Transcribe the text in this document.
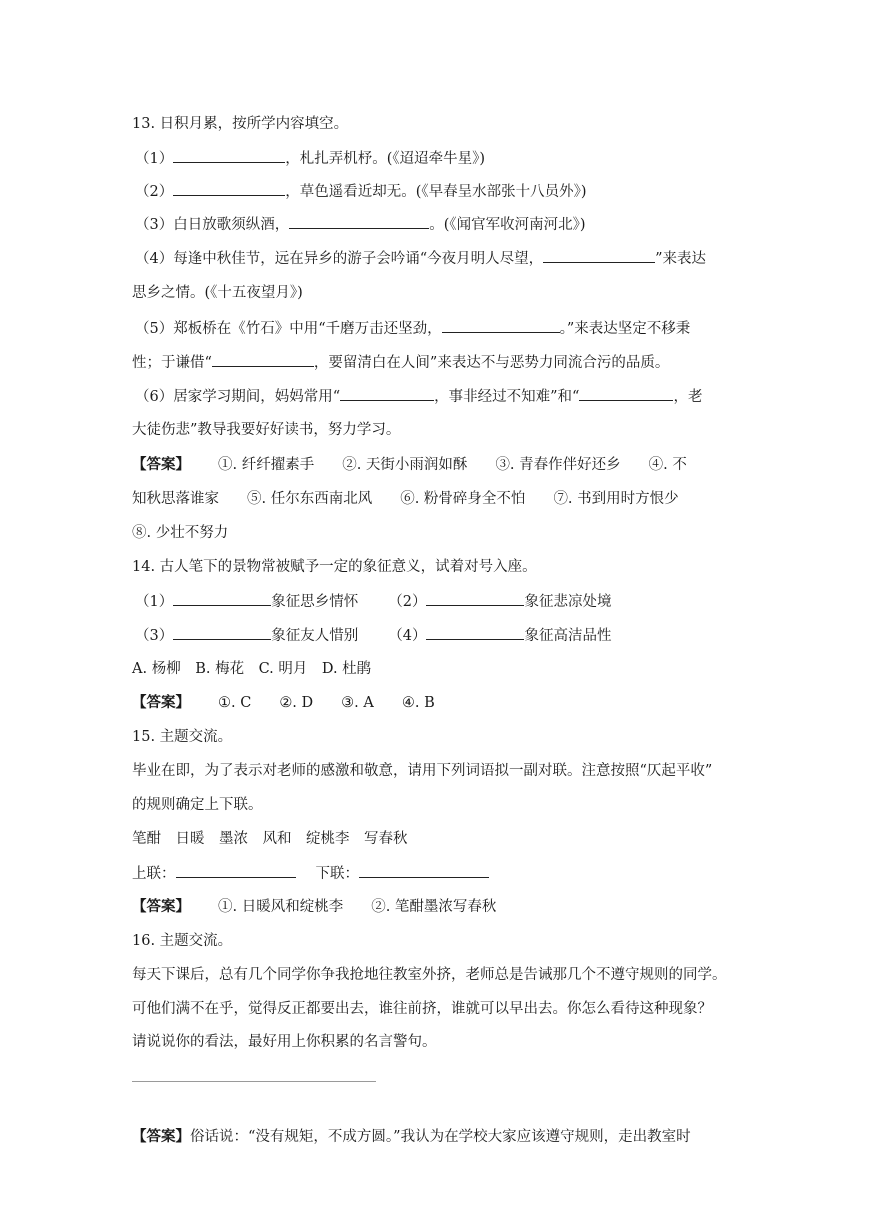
13. 日积月累，按所学内容填空。
（1）	，札扎弄机杼。(《迢迢牵牛星》)
（2）	，草色遥看近却无。(《早春呈水部张十八员外》)
（3）白日放歌须纵酒，	。(《闻官军收河南河北》)
（4）每逢中秋佳节，远在异乡的游子会吟诵“今夜月明人尽望，	”来表达
思乡之情。(《十五夜望月》)
（5）郑板桥在《竹石》中用“千磨万击还坚劲，	。”来表达坚定不移秉
性；于谦借“	，要留清白在人间”来表达不与恶势力同流合污的品质。
（6）居家学习期间，妈妈常用“	，事非经过不知难”和“	，老
大徒伤悲”教导我要好好读书，努力学习。
【答案】 ①. 纤纤擢素手 ②. 天街小雨润如酥 ③. 青春作伴好还乡 ④. 不
知秋思落谁家 ⑤. 任尔东西南北风 ⑥. 粉骨碎身全不怕 ⑦. 书到用时方恨少
⑧. 少壮不努力
14. 古人笔下的景物常被赋予一定的象征意义，试着对号入座。
（1）	象征思乡情怀 （2）	象征悲凉处境
（3）	象征友人惜别 （4）	象征高洁品性
A. 杨柳　B. 梅花　C. 明月　D. 杜鹃
【答案】 ①. C ②. D ③. A ④. B
15. 主题交流。
毕业在即，为了表示对老师的感激和敬意，请用下列词语拟一副对联。注意按照“仄起平收”
的规则确定上下联。
笔酣　日暖　墨浓　风和　绽桃李　写春秋
上联：	下联：
【答案】 ①. 日暖风和绽桃李 ②. 笔酣墨浓写春秋
16. 主题交流。
每天下课后，总有几个同学你争我抢地往教室外挤，老师总是告诫那几个不遵守规则的同学。
可他们满不在乎，觉得反正都要出去，谁往前挤，谁就可以早出去。你怎么看待这种现象？
请说说你的看法，最好用上你积累的名言警句。
【答案】俗话说：“没有规矩，不成方圆。”我认为在学校大家应该遵守规则，走出教室时
